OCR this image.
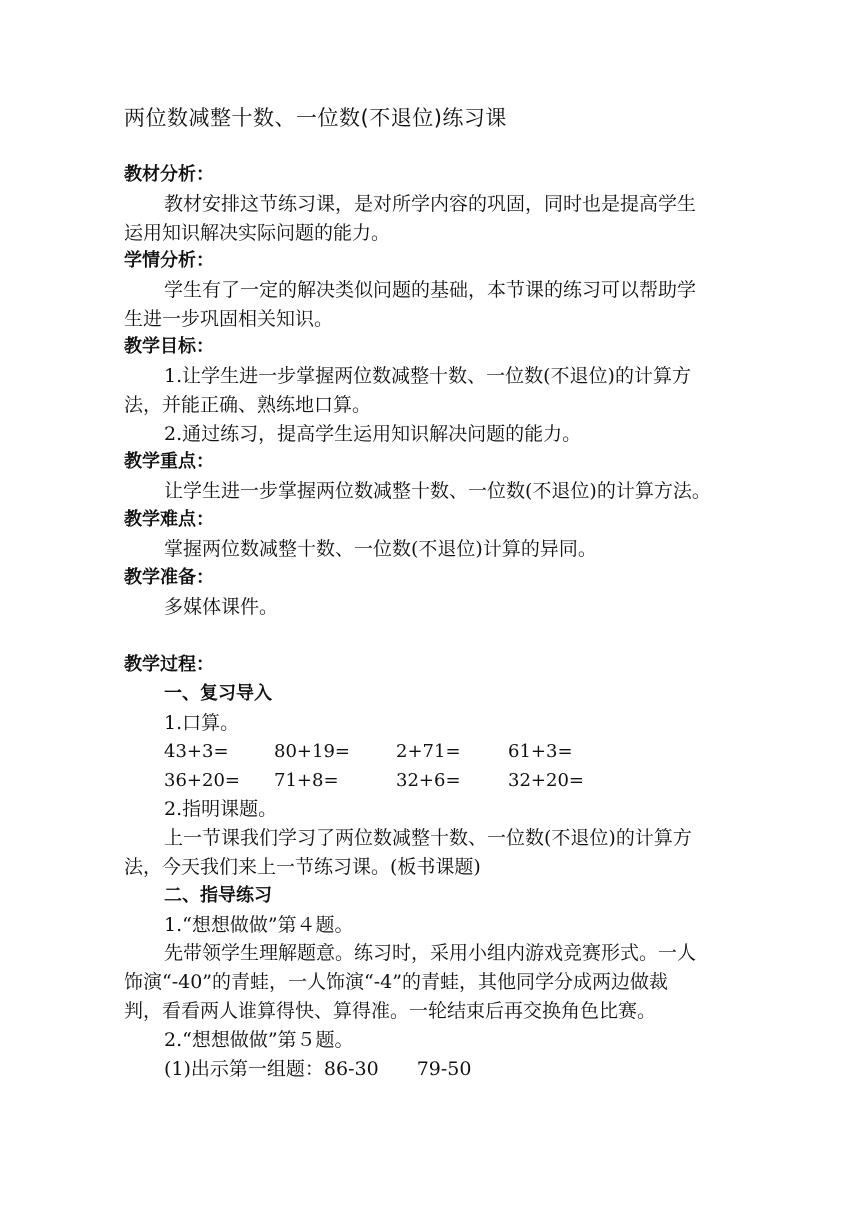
两位数减整十数、一位数(不退位)练习课
教材分析：
教材安排这节练习课，是对所学内容的巩固，同时也是提高学生
运用知识解决实际问题的能力。
学情分析：
学生有了一定的解决类似问题的基础，本节课的练习可以帮助学
生进一步巩固相关知识。
教学目标：
1.让学生进一步掌握两位数减整十数、一位数(不退位)的计算方
法，并能正确、熟练地口算。
2.通过练习，提高学生运用知识解决问题的能力。
教学重点：
让学生进一步掌握两位数减整十数、一位数(不退位)的计算方法。
教学难点：
掌握两位数减整十数、一位数(不退位)计算的异同。
教学准备：
多媒体课件。
教学过程：
一、复习导入
1.口算。
43+3=	80+19=	2+71=	61+3=
36+20= 71+8=	32+6=	32+20=
2.指明课题。
上一节课我们学习了两位数减整十数、一位数(不退位)的计算方
法，今天我们来上一节练习课。(板书课题)
二、指导练习
1.“想想做做”第４题。
先带领学生理解题意。练习时，采用小组内游戏竞赛形式。一人
饰演“-40”的青蛙，一人饰演“-4”的青蛙，其他同学分成两边做裁
判，看看两人谁算得快、算得准。一轮结束后再交换角色比赛。
2.“想想做做”第５题。
(1)出示第一组题：86-30　　79-50
